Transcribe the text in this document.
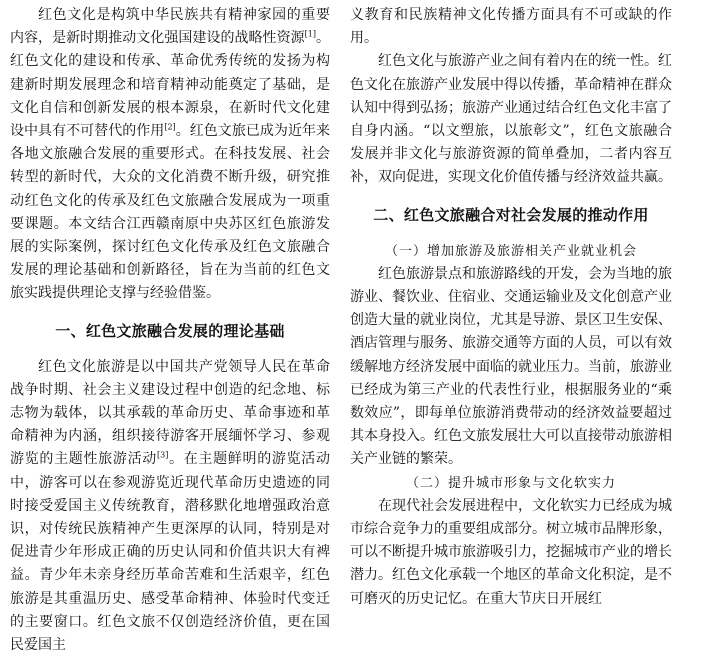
红色文化是构筑中华民族共有精神家园的重要内容，是新时期推动文化强国建设的战略性资源[1]。红色文化的建设和传承、革命优秀传统的发扬为构建新时期发展理念和培育精神动能奠定了基础，是文化自信和创新发展的根本源泉，在新时代文化建设中具有不可替代的作用[2]。红色文旅已成为近年来各地文旅融合发展的重要形式。在科技发展、社会转型的新时代，大众的文化消费不断升级，研究推动红色文化的传承及红色文旅融合发展成为一项重要课题。本文结合江西赣南原中央苏区红色旅游发展的实际案例，探讨红色文化传承及红色文旅融合发展的理论基础和创新路径，旨在为当前的红色文旅实践提供理论支撑与经验借鉴。

一、红色文旅融合发展的理论基础

红色文化旅游是以中国共产党领导人民在革命战争时期、社会主义建设过程中创造的纪念地、标志物为载体，以其承载的革命历史、革命事迹和革命精神为内涵，组织接待游客开展缅怀学习、参观游览的主题性旅游活动[3]。在主题鲜明的游览活动中，游客可以在参观游览近现代革命历史遗迹的同时接受爱国主义传统教育，潜移默化地增强政治意识，对传统民族精神产生更深厚的认同，特别是对促进青少年形成正确的历史认同和价值共识大有裨益。青少年未亲身经历革命苦难和生活艰辛，红色旅游是其重温历史、感受革命精神、体验时代变迁的主要窗口。红色文旅不仅创造经济价值，更在国民爱国主

义教育和民族精神文化传播方面具有不可或缺的作用。

红色文化与旅游产业之间有着内在的统一性。红色文化在旅游产业发展中得以传播，革命精神在群众认知中得到弘扬；旅游产业通过结合红色文化丰富了自身内涵。“以文塑旅，以旅彰文”，红色文旅融合发展并非文化与旅游资源的简单叠加，二者内容互补，双向促进，实现文化价值传播与经济效益共赢。

二、红色文旅融合对社会发展的推动作用
（一）增加旅游及旅游相关产业就业机会

红色旅游景点和旅游路线的开发，会为当地的旅游业、餐饮业、住宿业、交通运输业及文化创意产业创造大量的就业岗位，尤其是导游、景区卫生安保、酒店管理与服务、旅游交通等方面的人员，可以有效缓解地方经济发展中面临的就业压力。当前，旅游业已经成为第三产业的代表性行业，根据服务业的“乘数效应”，即每单位旅游消费带动的经济效益要超过其本身投入。红色文旅发展壮大可以直接带动旅游相关产业链的繁荣。

（二）提升城市形象与文化软实力

在现代社会发展进程中，文化软实力已经成为城市综合竞争力的重要组成部分。树立城市品牌形象，可以不断提升城市旅游吸引力，挖掘城市产业的增长潜力。红色文化承载一个地区的革命文化积淀，是不可磨灭的历史记忆。在重大节庆日开展红
